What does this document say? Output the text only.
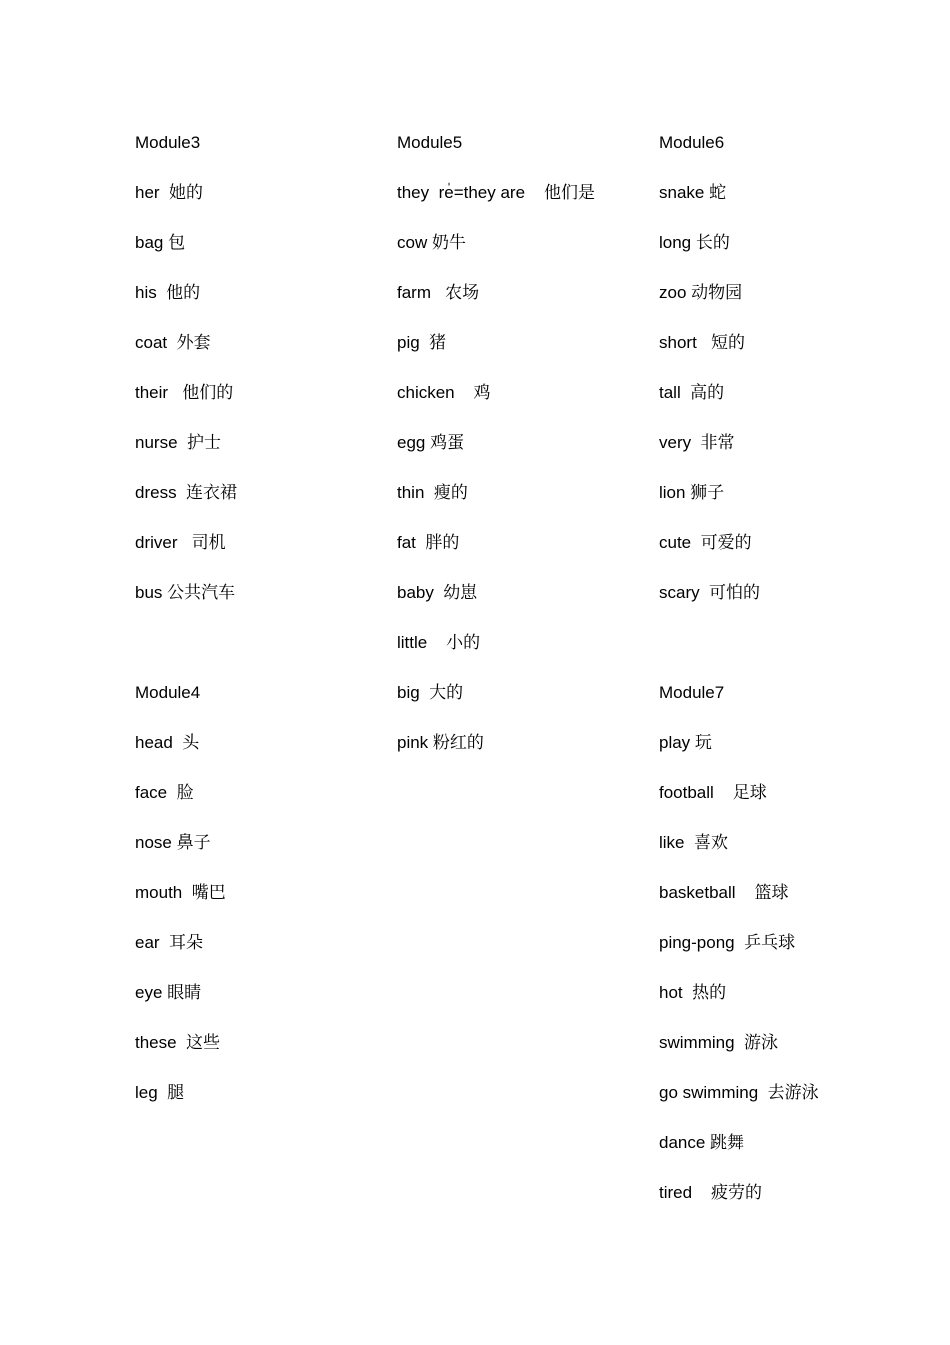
Module3
her  她的
bag 包
his  他的
coat  外套
their   他们的
nurse  护士
dress  连衣裙
driver   司机
bus 公共汽车
Module4
head  头
face  脸
nose 鼻子
mouth  嘴巴
ear  耳朵
eye 眼睛
these  这些
leg  腿
Module5
they  re̍=they are    他们是
cow 奶牛
farm   农场
pig  猪
chicken    鸡
egg 鸡蛋
thin  瘦的
fat  胖的
baby  幼崽
little    小的
big  大的
pink 粉红的
Module6
snake 蛇
long 长的
zoo 动物园
short   短的
tall  高的
very  非常
lion 狮子
cute  可爱的
scary  可怕的
Module7
play 玩
football    足球
like  喜欢
basketball    篮球
ping-pong  乒乓球
hot  热的
swimming  游泳
go swimming  去游泳
dance 跳舞
tired    疲劳的
